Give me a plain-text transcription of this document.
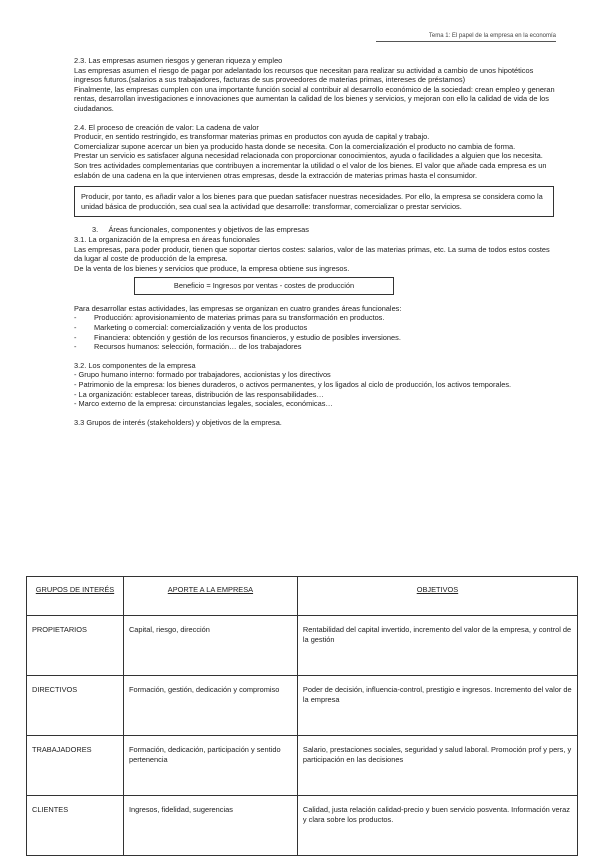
Tema 1: El papel de la empresa en la economía

2.3. Las empresas asumen riesgos y generan riqueza y empleo

Las empresas asumen el riesgo de pagar por adelantado los recursos que necesitan para realizar su actividad a cambio de unos hipotéticos ingresos futuros.(salarios a sus trabajadores, facturas de sus proveedores de materias primas, intereses de préstamos)

Finalmente, las empresas cumplen con una importante función social al contribuir al desarrollo económico de la sociedad: crean empleo y generan rentas, desarrollan investigaciones e innovaciones que aumentan la calidad de los bienes y servicios, y mejoran con ello la calidad de vida de los ciudadanos.

2.4. El proceso de creación de valor: La cadena de valor

Producir, en sentido restringido, es transformar materias primas en productos con ayuda de capital y trabajo.

Comercializar supone acercar un bien ya producido hasta donde se necesita. Con la comercialización el producto no cambia de forma.

Prestar un servicio es satisfacer alguna necesidad relacionada con proporcionar conocimientos, ayuda o facilidades a alguien que los necesita.

Son tres actividades complementarias que contribuyen a incrementar la utilidad o el valor de los bienes. El valor que añade cada empresa es un eslabón de una cadena en la que intervienen otras empresas, desde la extracción de materias primas hasta el consumidor.

Producir, por tanto, es añadir valor a los bienes para que puedan satisfacer nuestras necesidades. Por ello, la empresa se considera como la unidad básica de producción, sea cual sea la actividad que desarrolle: transformar, comercializar o prestar servicios.

3. Áreas funcionales, componentes y objetivos de las empresas

3.1. La organización de la empresa en áreas funcionales

Las empresas, para poder producir, tienen que soportar ciertos costes: salarios, valor de las materias primas, etc. La suma de todos estos costes da lugar al coste de producción de la empresa.

De la venta de los bienes y servicios que produce, la empresa obtiene sus ingresos.

Beneficio = Ingresos por ventas - costes de producción

Para desarrollar estas actividades, las empresas se organizan en cuatro grandes áreas funcionales:

- Producción: aprovisionamiento de materias primas para su transformación en productos.
- Marketing o comercial: comercialización y venta de los productos
- Financiera: obtención y gestión de los recursos financieros, y estudio de posibles inversiones.
- Recursos humanos: selección, formación… de los trabajadores

3.2. Los componentes de la empresa

- Grupo humano interno: formado por trabajadores, accionistas y los directivos

- Patrimonio de la empresa: los bienes duraderos, o activos permanentes, y los ligados al ciclo de producción, los activos temporales.

- La organización: establecer tareas, distribución de las responsabilidades…

- Marco externo de la empresa: circunstancias legales, sociales, económicas…

3.3 Grupos de interés (stakeholders) y objetivos de la empresa.

GRUPOS DE INTERÉS	APORTE A LA EMPRESA	OBJETIVOS
PROPIETARIOS	Capital, riesgo, dirección	Rentabilidad del capital invertido, incremento del valor de la empresa, y control de la gestión
DIRECTIVOS	Formación, gestión, dedicación y compromiso	Poder de decisión, influencia-control, prestigio e ingresos. Incremento del valor de la empresa
TRABAJADORES	Formación, dedicación, participación y sentido pertenencia	Salario, prestaciones sociales, seguridad y salud laboral. Promoción prof y pers, y participación en las decisiones
CLIENTES	Ingresos, fidelidad, sugerencias	Calidad, justa relación calidad-precio y buen servicio posventa. Información veraz y clara sobre los productos.
